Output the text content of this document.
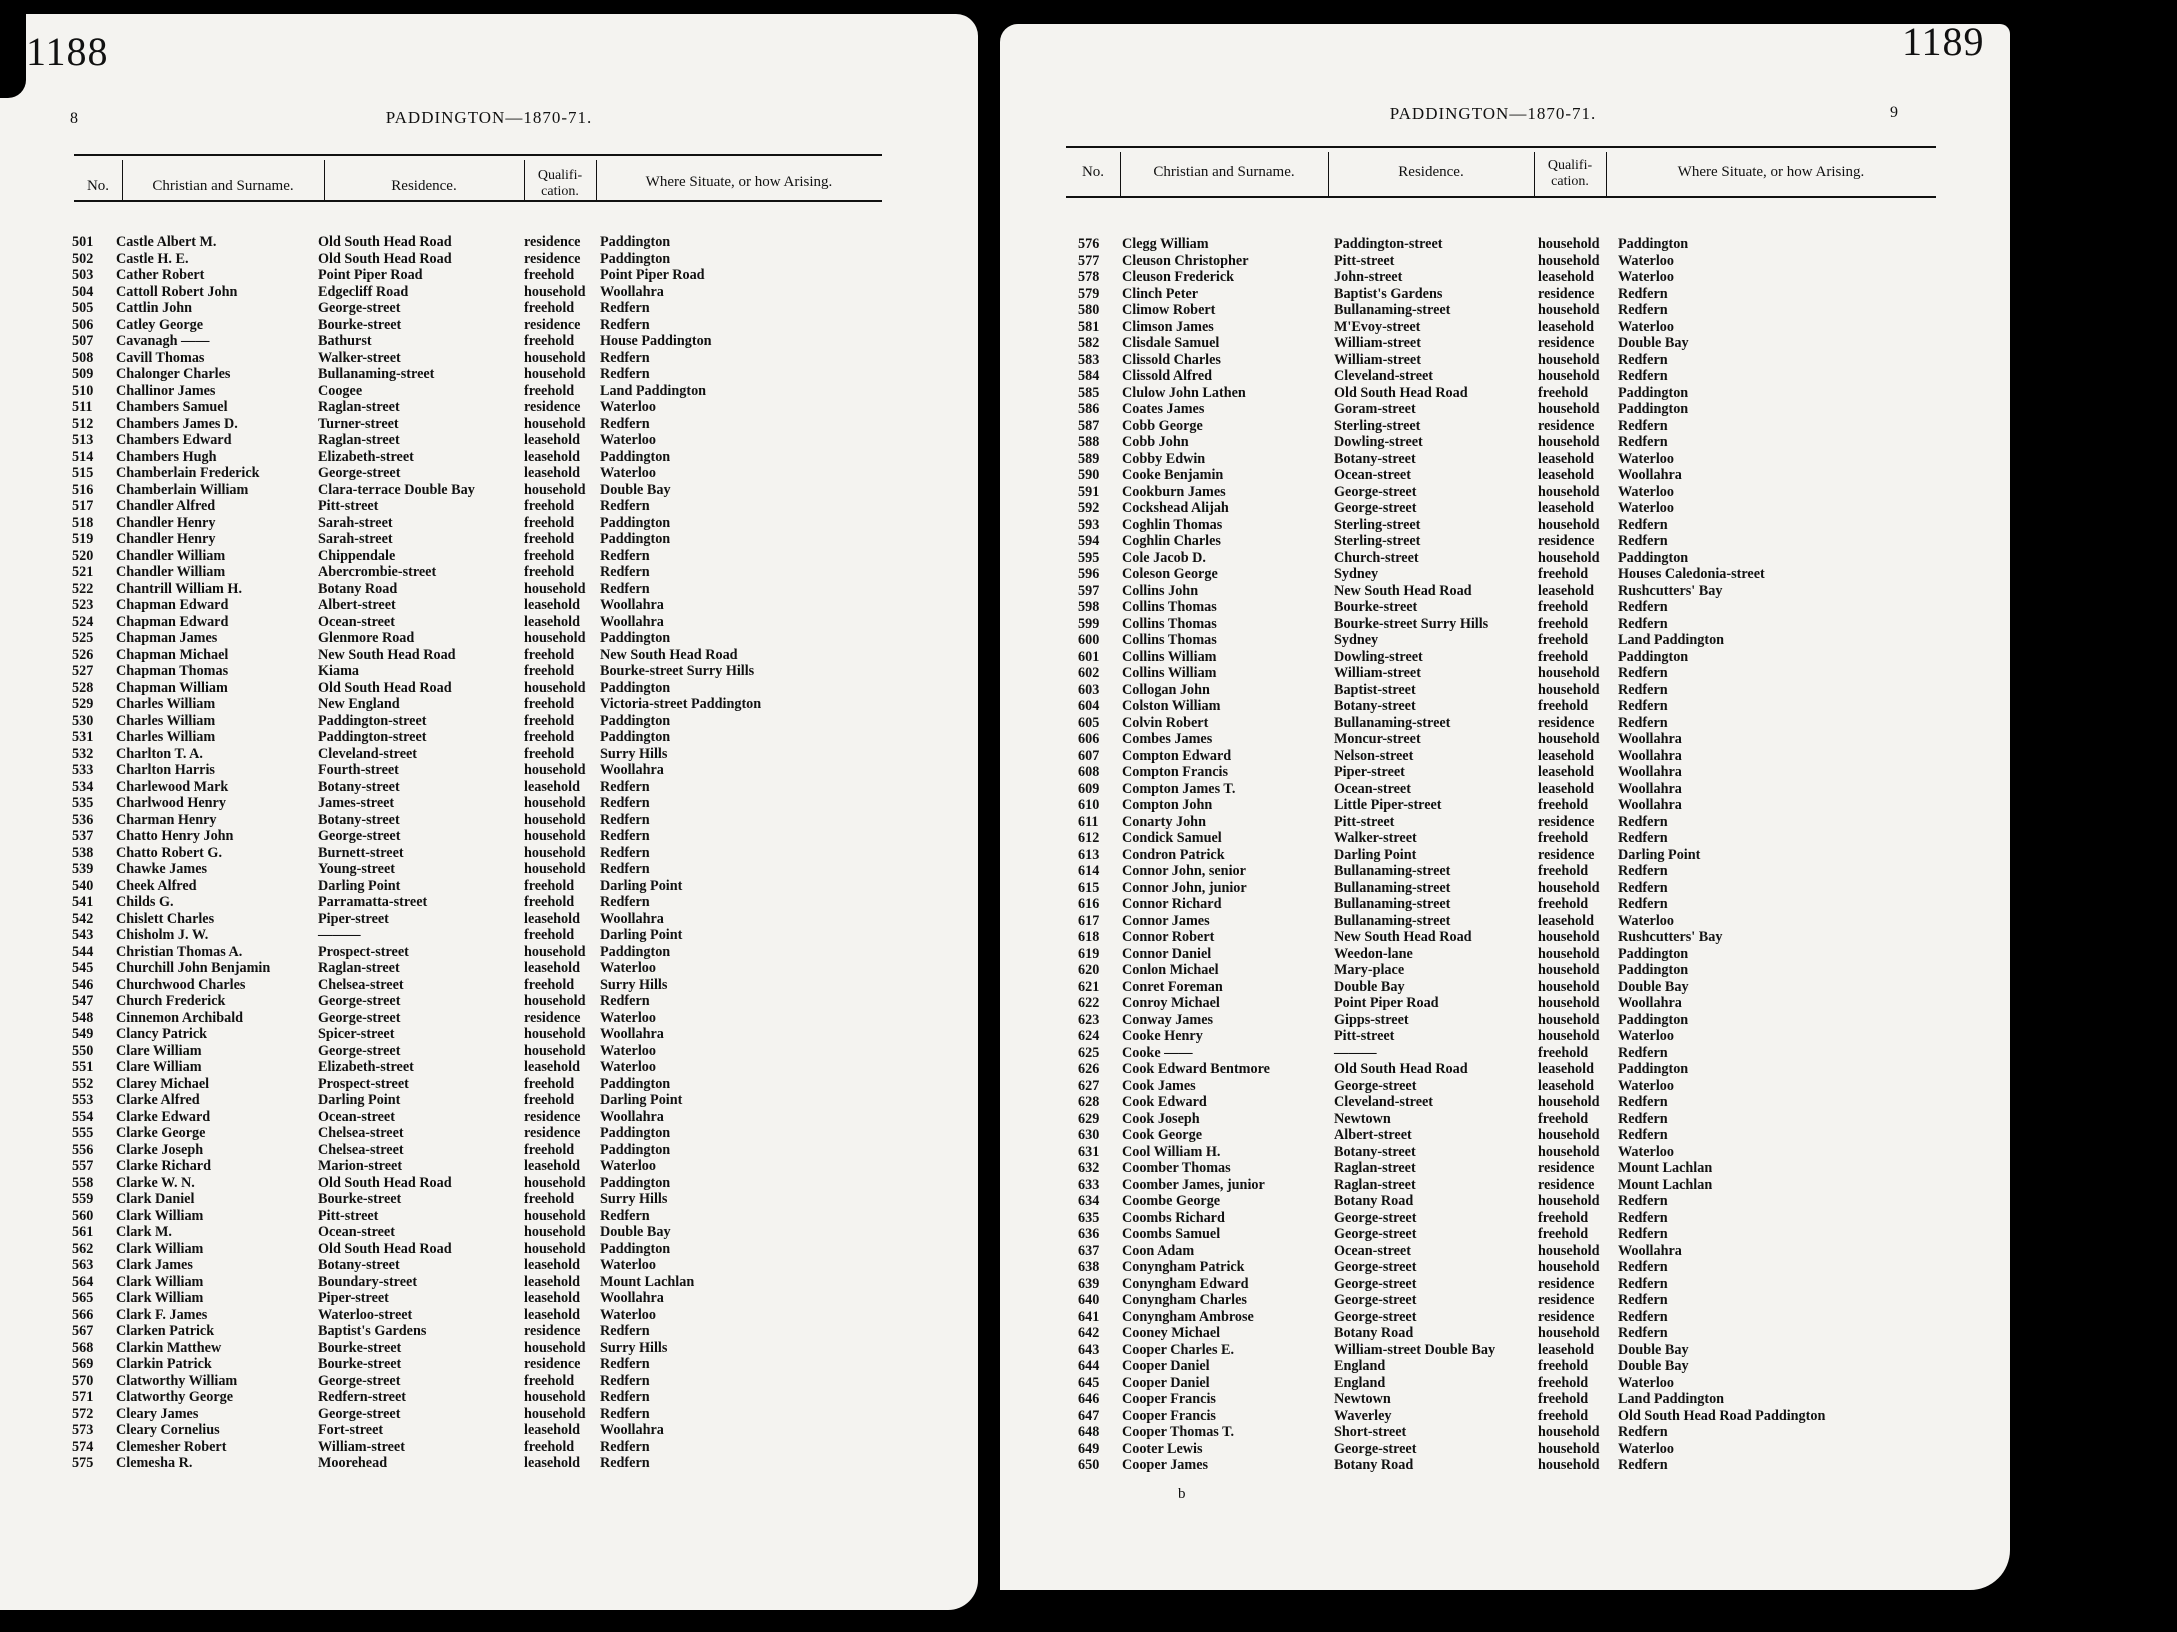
1188
8	PADDINGTON—1870-71.
No.	Christian and Surname.	Residence.
Qualifi-cation.
Where Situate, or how Arising.
501 Castle Albert M.	Old South Head Road	residence Paddington
502 Castle H. E.	Old South Head Road	residence Paddington
503 Cather Robert	Point Piper Road	freehold Point Piper Road
504 Cattoll Robert John	Edgecliff Road	household Woollahra
505 Cattlin John	George-street	freehold Redfern
506 Catley George	Bourke-street	residence Redfern
507 Cavanagh ——	Bathurst	freehold House Paddington
508 Cavill Thomas	Walker-street	household Redfern
509 Chalonger Charles	Bullanaming-street	household Redfern
510 Challinor James	Coogee	freehold Land Paddington
511 Chambers Samuel	Raglan-street	residence Waterloo
512 Chambers James D.	Turner-street	household Redfern
513 Chambers Edward	Raglan-street	leasehold Waterloo
514 Chambers Hugh	Elizabeth-street	leasehold Paddington
515 Chamberlain Frederick	George-street	leasehold Waterloo
516 Chamberlain William	Clara-terrace Double Bay	household Double Bay
517 Chandler Alfred	Pitt-street	freehold Redfern
518 Chandler Henry	Sarah-street	freehold Paddington
519 Chandler Henry	Sarah-street	freehold Paddington
520 Chandler William	Chippendale	freehold Redfern
521 Chandler William	Abercrombie-street	freehold Redfern
522 Chantrill William H.	Botany Road	household Redfern
523 Chapman Edward	Albert-street	leasehold Woollahra
524 Chapman Edward	Ocean-street	leasehold Woollahra
525 Chapman James	Glenmore Road	household Paddington
526 Chapman Michael	New South Head Road	freehold New South Head Road
527 Chapman Thomas	Kiama	freehold Bourke-street Surry Hills
528 Chapman William	Old South Head Road	household Paddington
529 Charles William	New England	freehold Victoria-street Paddington
530 Charles William	Paddington-street	freehold Paddington
531 Charles William	Paddington-street	freehold Paddington
532 Charlton T. A.	Cleveland-street	freehold Surry Hills
533 Charlton Harris	Fourth-street	household Woollahra
534 Charlewood Mark	Botany-street	leasehold Redfern
535 Charlwood Henry	James-street	household Redfern
536 Charman Henry	Botany-street	household Redfern
537 Chatto Henry John	George-street	household Redfern
538 Chatto Robert G.	Burnett-street	household Redfern
539 Chawke James	Young-street	household Redfern
540 Cheek Alfred	Darling Point	freehold Darling Point
541 Childs G.	Parramatta-street	freehold Redfern
542 Chislett Charles	Piper-street	leasehold Woollahra
543 Chisholm J. W.	———	freehold Darling Point
544 Christian Thomas A.	Prospect-street	household Paddington
545 Churchill John Benjamin	Raglan-street	leasehold Waterloo
546 Churchwood Charles	Chelsea-street	freehold Surry Hills
547 Church Frederick	George-street	household Redfern
548 Cinnemon Archibald	George-street	residence Waterloo
549 Clancy Patrick	Spicer-street	household Woollahra
550 Clare William	George-street	household Waterloo
551 Clare William	Elizabeth-street	leasehold Waterloo
552 Clarey Michael	Prospect-street	freehold Paddington
553 Clarke Alfred	Darling Point	freehold Darling Point
554 Clarke Edward	Ocean-street	residence Woollahra
555 Clarke George	Chelsea-street	residence Paddington
556 Clarke Joseph	Chelsea-street	freehold Paddington
557 Clarke Richard	Marion-street	leasehold Waterloo
558 Clarke W. N.	Old South Head Road	household Paddington
559 Clark Daniel	Bourke-street	freehold Surry Hills
560 Clark William	Pitt-street	household Redfern
561 Clark M.	Ocean-street	household Double Bay
562 Clark William	Old South Head Road	household Paddington
563 Clark James	Botany-street	leasehold Waterloo
564 Clark William	Boundary-street	leasehold Mount Lachlan
565 Clark William	Piper-street	leasehold Woollahra
566 Clark F. James	Waterloo-street	leasehold Waterloo
567 Clarken Patrick	Baptist's Gardens	residence Redfern
568 Clarkin Matthew	Bourke-street	household Surry Hills
569 Clarkin Patrick	Bourke-street	residence Redfern
570 Clatworthy William	George-street	freehold Redfern
571 Clatworthy George	Redfern-street	household Redfern
572 Cleary James	George-street	household Redfern
573 Cleary Cornelius	Fort-street	leasehold Woollahra
574 Clemesher Robert	William-street	freehold Redfern
575 Clemesha R.	Moorehead	leasehold Redfern
1189
9
PADDINGTON—1870-71.
No.	Christian and Surname.	Residence.	Qualifi-cation.
Where Situate, or how Arising.
576 Clegg William	Paddington-street	household Paddington
577 Cleuson Christopher	Pitt-street	household Waterloo
578 Cleuson Frederick	John-street	leasehold Waterloo
579 Clinch Peter	Baptist's Gardens	residence Redfern
580 Climow Robert	Bullanaming-street	household Redfern
581 Climson James	M'Evoy-street	leasehold Waterloo
582 Clisdale Samuel	William-street	residence Double Bay
583 Clissold Charles	William-street	household Redfern
584 Clissold Alfred	Cleveland-street	household Redfern
585 Clulow John Lathen	Old South Head Road	freehold Paddington
586 Coates James	Goram-street	household Paddington
587 Cobb George	Sterling-street	residence Redfern
588 Cobb John	Dowling-street	household Redfern
589 Cobby Edwin	Botany-street	leasehold Waterloo
590 Cooke Benjamin	Ocean-street	leasehold Woollahra
591 Cookburn James	George-street	household Waterloo
592 Cockshead Alijah	George-street	leasehold Waterloo
593 Coghlin Thomas	Sterling-street	household Redfern
594 Coghlin Charles	Sterling-street	residence Redfern
595 Cole Jacob D.	Church-street	household Paddington
596 Coleson George	Sydney	freehold Houses Caledonia-street
597 Collins John	New South Head Road	leasehold Rushcutters' Bay
598 Collins Thomas	Bourke-street	freehold Redfern
599 Collins Thomas	Bourke-street Surry Hills	freehold Redfern
600 Collins Thomas	Sydney	freehold Land Paddington
601 Collins William	Dowling-street	freehold Paddington
602 Collins William	William-street	household Redfern
603 Collogan John	Baptist-street	household Redfern
604 Colston William	Botany-street	freehold Redfern
605 Colvin Robert	Bullanaming-street	residence Redfern
606 Combes James	Moncur-street	household Woollahra
607 Compton Edward	Nelson-street	leasehold Woollahra
608 Compton Francis	Piper-street	leasehold Woollahra
609 Compton James T.	Ocean-street	leasehold Woollahra
610 Compton John	Little Piper-street	freehold Woollahra
611 Conarty John	Pitt-street	residence Redfern
612 Condick Samuel	Walker-street	freehold Redfern
613 Condron Patrick	Darling Point	residence Darling Point
614 Connor John, senior	Bullanaming-street	freehold Redfern
615 Connor John, junior	Bullanaming-street	household Redfern
616 Connor Richard	Bullanaming-street	freehold Redfern
617 Connor James	Bullanaming-street	leasehold Waterloo
618 Connor Robert	New South Head Road	household Rushcutters' Bay
619 Connor Daniel	Weedon-lane	household Paddington
620 Conlon Michael	Mary-place	household Paddington
621 Conret Foreman	Double Bay	household Double Bay
622 Conroy Michael	Point Piper Road	household Woollahra
623 Conway James	Gipps-street	household Paddington
624 Cooke Henry	Pitt-street	household Waterloo
625 Cooke ——	———	freehold Redfern
626 Cook Edward Bentmore	Old South Head Road	leasehold Paddington
627 Cook James	George-street	leasehold Waterloo
628 Cook Edward	Cleveland-street	household Redfern
629 Cook Joseph	Newtown	freehold Redfern
630 Cook George	Albert-street	household Redfern
631 Cool William H.	Botany-street	household Waterloo
632 Coomber Thomas	Raglan-street	residence Mount Lachlan
633 Coomber James, junior	Raglan-street	residence Mount Lachlan
634 Coombe George	Botany Road	household Redfern
635 Coombs Richard	George-street	freehold Redfern
636 Coombs Samuel	George-street	freehold Redfern
637 Coon Adam	Ocean-street	household Woollahra
638 Conyngham Patrick	George-street	household Redfern
639 Conyngham Edward	George-street	residence Redfern
640 Conyngham Charles	George-street	residence Redfern
641 Conyngham Ambrose	George-street	residence Redfern
642 Cooney Michael	Botany Road	household Redfern
643 Cooper Charles E.	William-street Double Bay	leasehold Double Bay
644 Cooper Daniel	England	freehold Double Bay
645 Cooper Daniel	England	freehold Waterloo
646 Cooper Francis	Newtown	freehold Land Paddington
647 Cooper Francis	Waverley	freehold Old South Head Road Paddington
648 Cooper Thomas T.	Short-street	household Redfern
649 Cooter Lewis	George-street	household Waterloo
650 Cooper James	Botany Road	household Redfern
b
